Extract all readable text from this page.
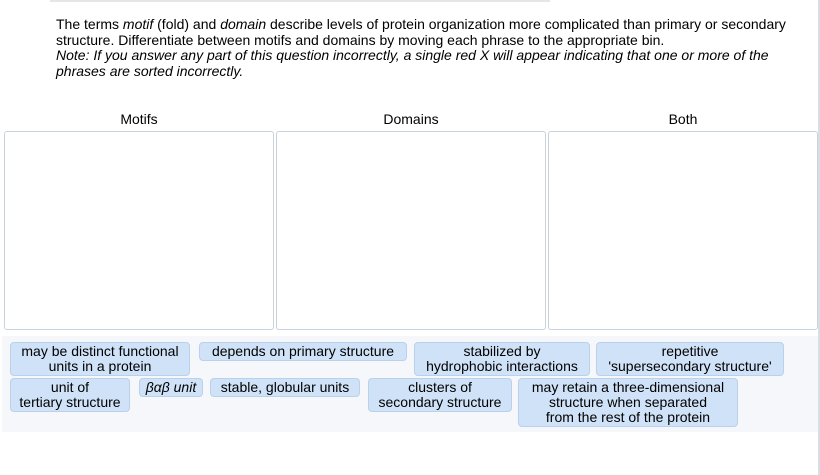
The terms motif (fold) and domain describe levels of protein organization more complicated than primary or secondary structure. Differentiate between motifs and domains by moving each phrase to the appropriate bin.

Note: If you answer any part of this question incorrectly, a single red X will appear indicating that one or more of the phrases are sorted incorrectly.

Motifs	Domains	Both
may be distinct functional
units in a protein
depends on primary structure	stabilized by
hydrophobic interactions
repetitive
'supersecondary structure'
unit of
tertiary structure
βαβ unit	stable, globular units	clusters of
secondary structure
may retain a three-dimensional
structure when separated
from the rest of the protein
